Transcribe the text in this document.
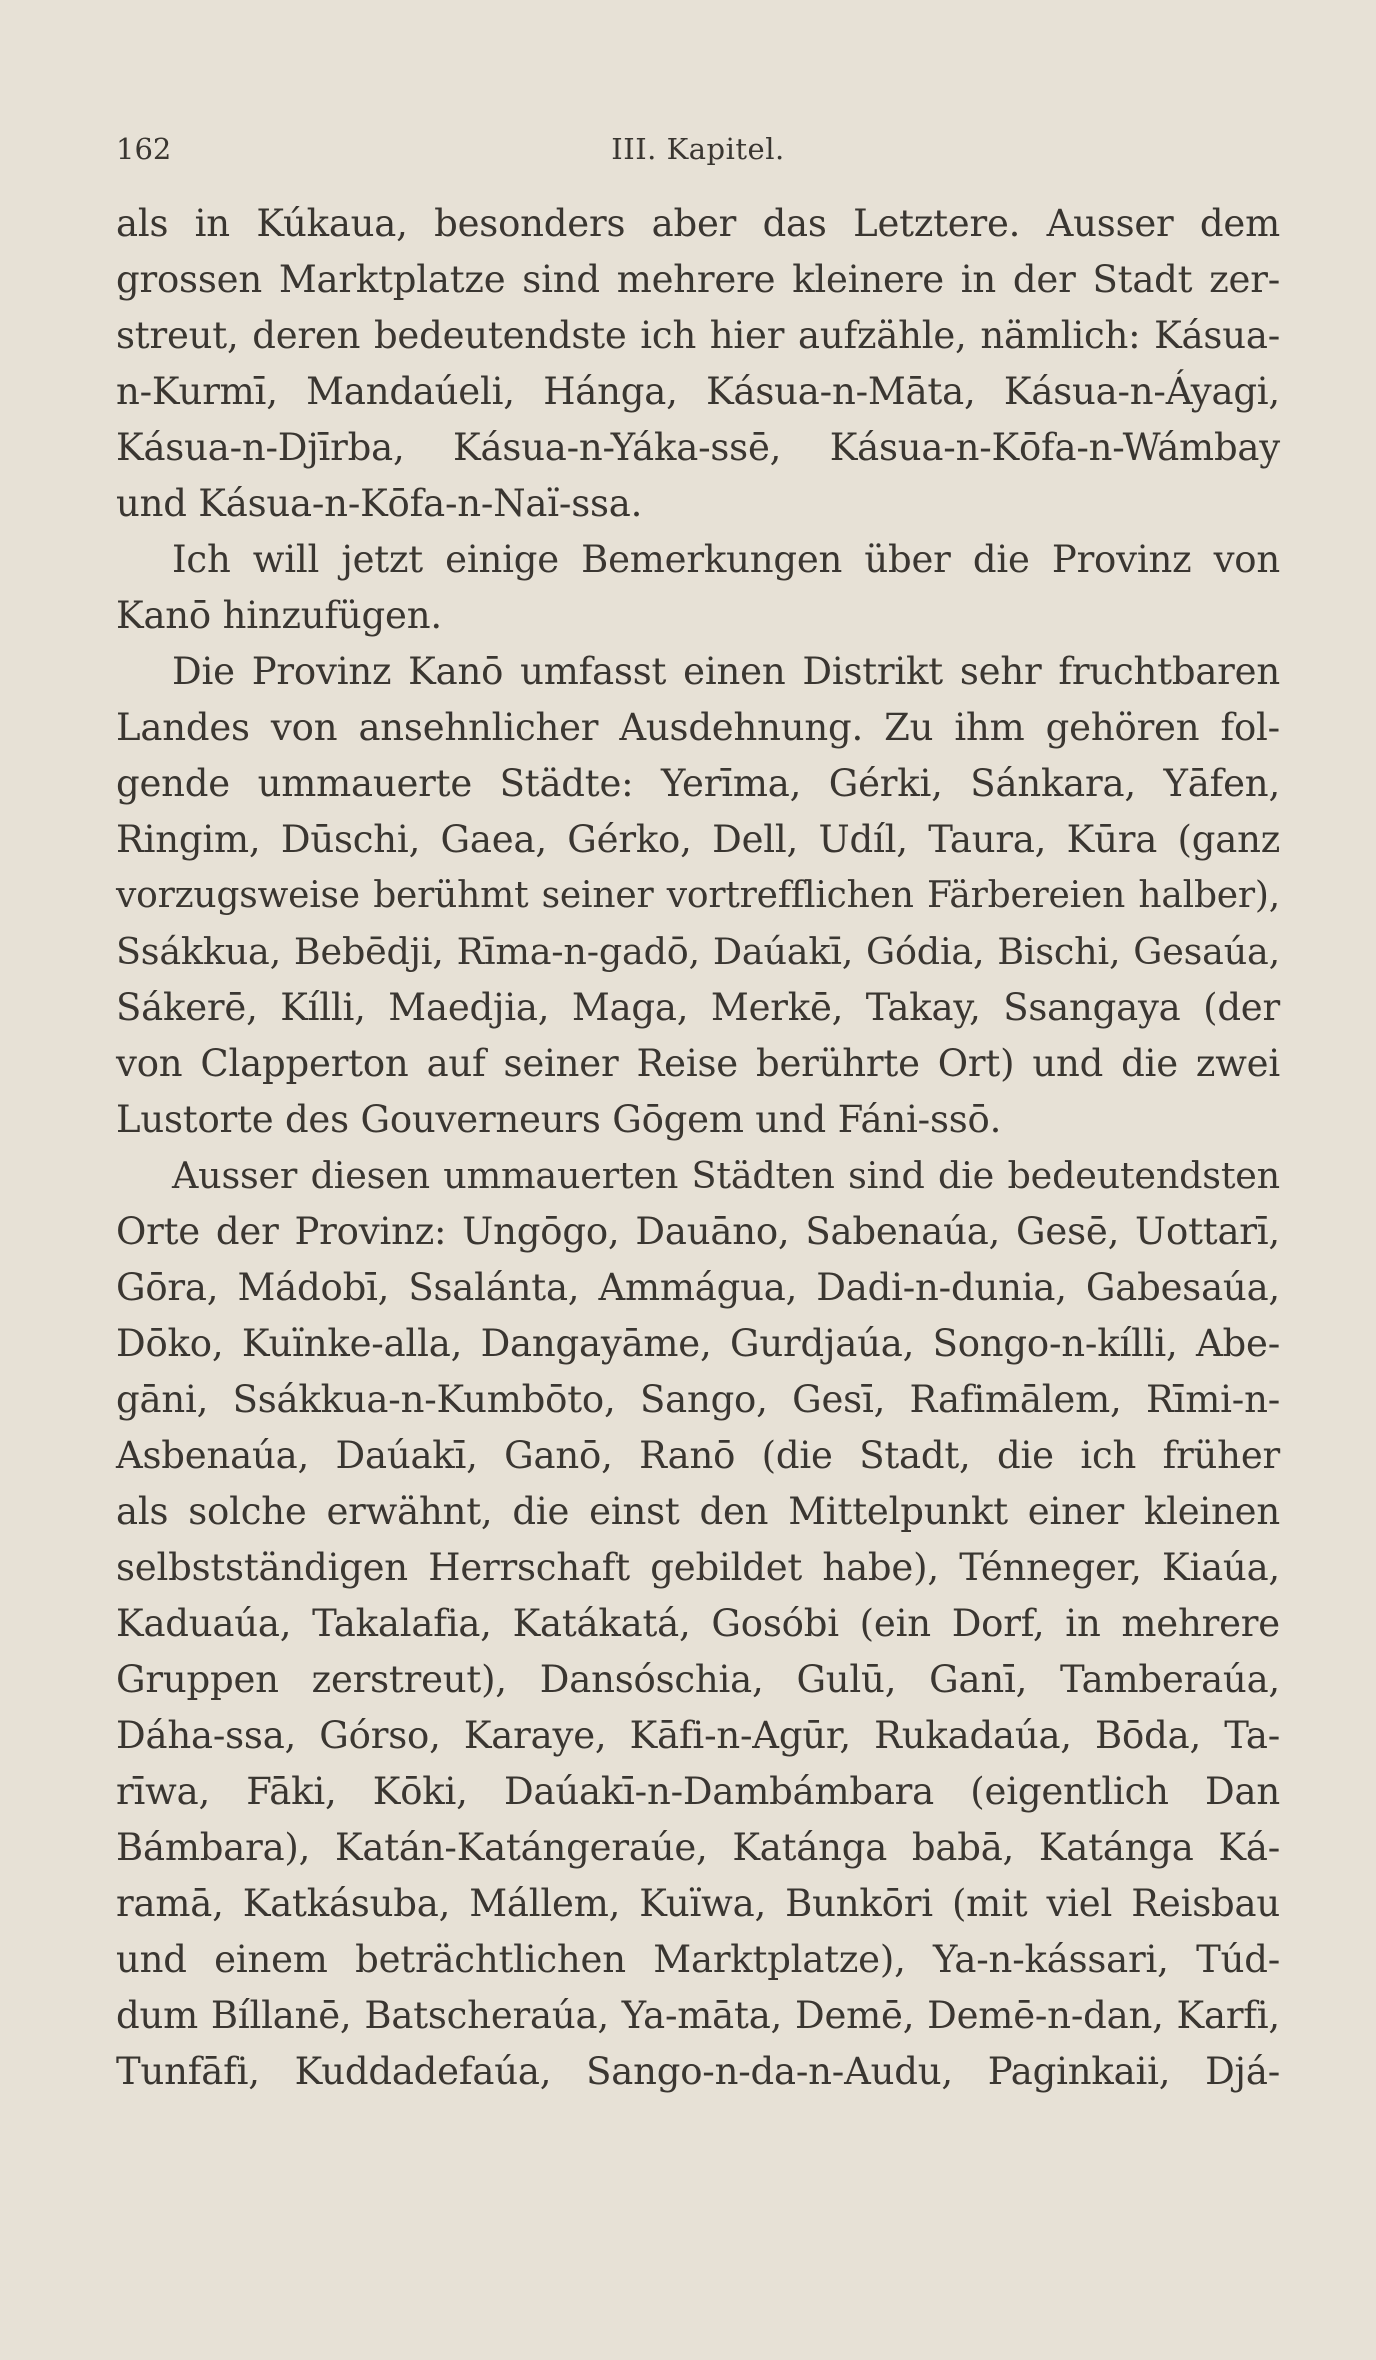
162	III. Kapitel.
als in Kúkaua, besonders aber das Letztere. Ausser dem
grossen Marktplatze sind mehrere kleinere in der Stadt zer-
streut, deren bedeutendste ich hier aufzähle, nämlich: Kásua-
n-Kurmī, Mandaúeli, Hánga, Kásua-n-Māta, Kásua-n-Áyagi,
Kásua-n-Djīrba, Kásua-n-Yáka-ssē, Kásua-n-Kōfa-n-Wámbay
und Kásua-n-Kōfa-n-Naï-ssa.
Ich will jetzt einige Bemerkungen über die Provinz von
Kanō hinzufügen.
Die Provinz Kanō umfasst einen Distrikt sehr fruchtbaren
Landes von ansehnlicher Ausdehnung. Zu ihm gehören fol-
gende ummauerte Städte: Yerīma, Gérki, Sánkara, Yāfen,
Ringim, Dūschi, Gaea, Gérko, Dell, Udíl, Taura, Kūra (ganz
vorzugsweise berühmt seiner vortrefflichen Färbereien halber),
Ssákkua, Bebēdji, Rīma-n-gadō, Daúakī, Gódia, Bischi, Gesaúa,
Sákerē, Kílli, Maedjia, Maga, Merkē, Takay, Ssangaya (der
von Clapperton auf seiner Reise berührte Ort) und die zwei
Lustorte des Gouverneurs Gōgem und Fáni-ssō.
Ausser diesen ummauerten Städten sind die bedeutendsten
Orte der Provinz: Ungōgo, Dauāno, Sabenaúa, Gesē, Uottarī,
Gōra, Mádobī, Ssalánta, Ammágua, Dadi-n-dunia, Gabesaúa,
Dōko, Kuïnke-alla, Dangayāme, Gurdjaúa, Songo-n-kílli, Abe-
gāni, Ssákkua-n-Kumbōto, Sango, Gesī, Rafimālem, Rīmi-n-
Asbenaúa, Daúakī, Ganō, Ranō (die Stadt, die ich früher
als solche erwähnt, die einst den Mittelpunkt einer kleinen
selbstständigen Herrschaft gebildet habe), Ténneger, Kiaúa,
Kaduaúa, Takalafia, Katákatá, Gosóbi (ein Dorf, in mehrere
Gruppen zerstreut), Dansóschia, Gulū, Ganī, Tamberaúa,
Dáha-ssa, Górso, Karaye, Kāfi-n-Agūr, Rukadaúa, Bōda, Ta-
rīwa, Fāki, Kōki, Daúakī-n-Dambámbara (eigentlich Dan
Bámbara), Katán-Katángeraúe, Katánga babā, Katánga Ká-
ramā, Katkásuba, Mállem, Kuïwa, Bunkōri (mit viel Reisbau
und einem beträchtlichen Marktplatze), Ya-n-kássari, Túd-
dum Bíllanē, Batscheraúa, Ya-māta, Demē, Demē-n-dan, Karfi,
Tunfāfi, Kuddadefaúa, Sango-n-da-n-Audu, Paginkaii, Djá-
